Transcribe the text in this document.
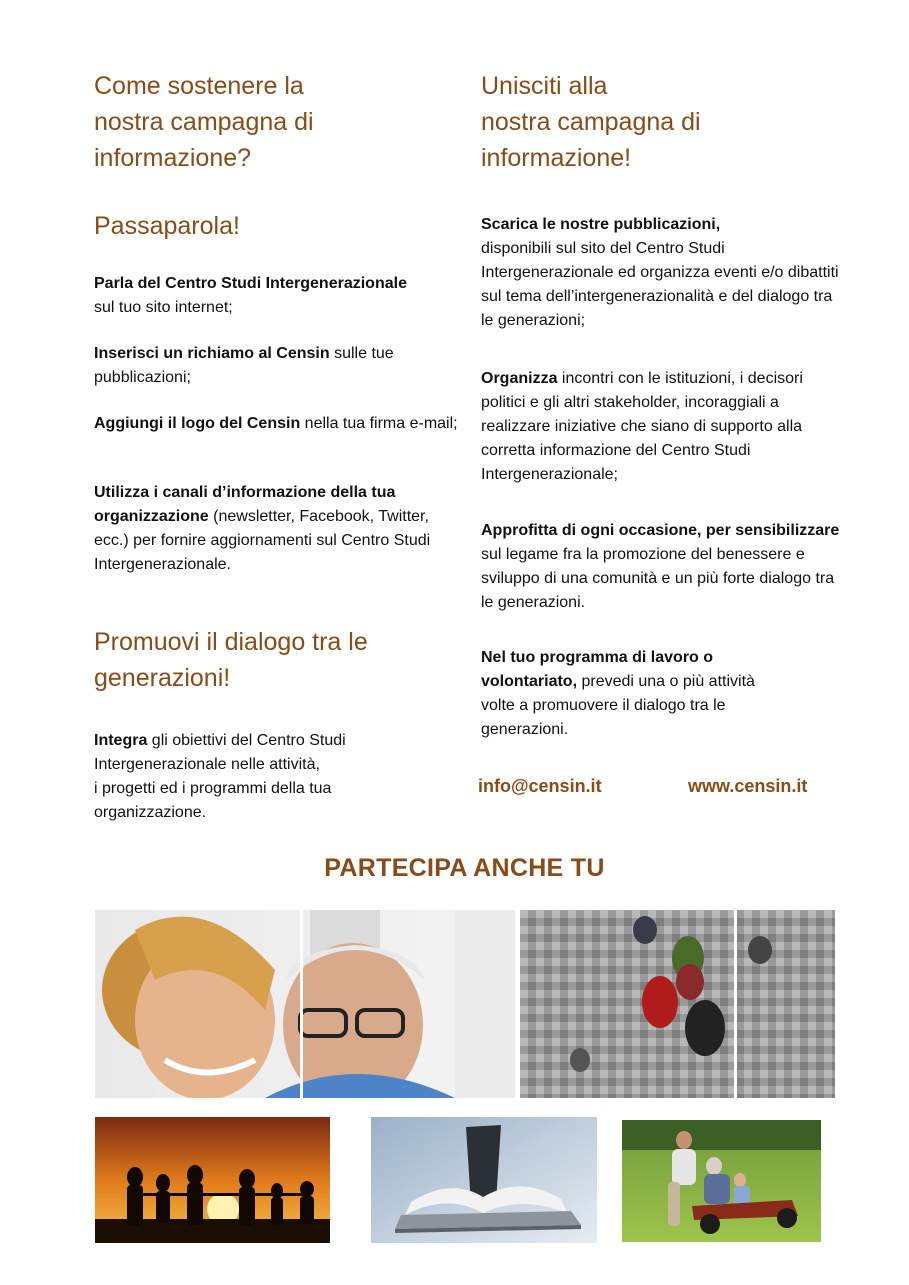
Come sostenere la
nostra campagna di
informazione?
Passaparola!

Parla del Centro Studi Intergenerazionale
sul tuo sito internet;

Inserisci un richiamo al Censin sulle tue pubblicazioni;

Aggiungi il logo del Censin nella tua firma e-mail;

Utilizza i canali d’informazione della tua organizzazione (newsletter, Facebook, Twitter, ecc.) per fornire aggiornamenti sul Centro Studi Intergenerazionale.

Promuovi il dialogo tra le
generazioni!

Integra gli obiettivi del Centro Studi
Intergenerazionale nelle attività,
i progetti ed i programmi della tua
organizzazione.

Unisciti alla
nostra campagna di
informazione!

Scarica le nostre pubblicazioni,
disponibili sul sito del Centro Studi Intergenerazionale ed organizza eventi e/o dibattiti sul tema dell’intergenerazionalità e del dialogo tra le generazioni;

Organizza incontri con le istituzioni, i decisori politici e gli altri stakeholder, incoraggiali a realizzare iniziative che siano di supporto alla corretta informazione del Centro Studi Intergenerazionale;

Approfitta di ogni occasione, per sensibilizzare sul legame fra la promozione del benessere e sviluppo di una comunità e un più forte dialogo tra le generazioni.

Nel tuo programma di lavoro o volontariato, prevedi una o più attività volte a promuovere il dialogo tra le generazioni.

info@censin.it	www.censin.it
PARTECIPA ANCHE TU
